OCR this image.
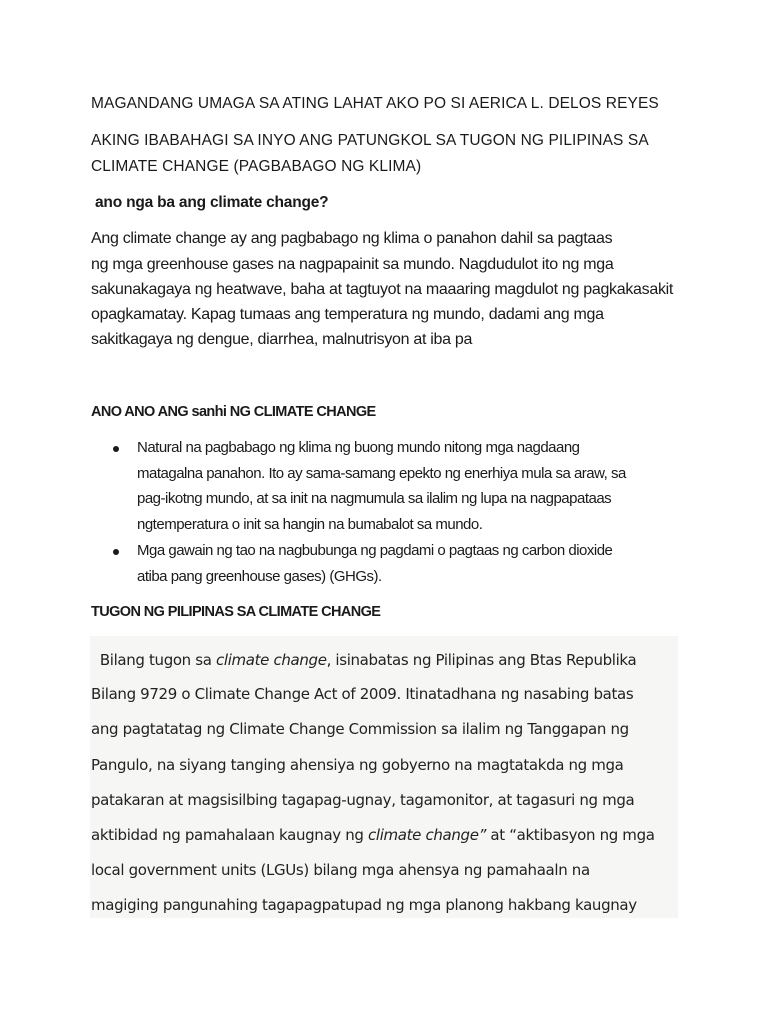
MAGANDANG UMAGA SA ATING LAHAT AKO PO SI AERICA L. DELOS REYES
AKING IBABAHAGI SA INYO ANG PATUNGKOL SA TUGON NG PILIPINAS SA
CLIMATE CHANGE (PAGBABAGO NG KLIMA)
ano nga ba ang climate change?
Ang climate change ay ang pagbabago ng klima o panahon dahil sa pagtaas
ng mga greenhouse gases na nagpapainit sa mundo. Nagdudulot ito ng mga
sakunakagaya ng heatwave, baha at tagtuyot na maaaring magdulot ng pagkakasakit
opagkamatay. Kapag tumaas ang temperatura ng mundo, dadami ang mga
sakitkagaya ng dengue, diarrhea, malnutrisyon at iba pa
ANO ANO ANG sanhi NG CLIMATE CHANGE
Natural na pagbabago ng klima ng buong mundo nitong mga nagdaang
matagalna panahon. Ito ay sama-samang epekto ng enerhiya mula sa araw, sa
pag-ikotng mundo, at sa init na nagmumula sa ilalim ng lupa na nagpapataas
ngtemperatura o init sa hangin na bumabalot sa mundo.
Mga gawain ng tao na nagbubunga ng pagdami o pagtaas ng carbon dioxide
atiba pang greenhouse gases) (GHGs).
TUGON NG PILIPINAS SA CLIMATE CHANGE
Bilang tugon sa climate change, isinabatas ng Pilipinas ang Btas Republika
Bilang 9729 o Climate Change Act of 2009. Itinatadhana ng nasabing batas
ang pagtatatag ng Climate Change Commission sa ilalim ng Tanggapan ng
Pangulo, na siyang tanging ahensiya ng gobyerno na magtatakda ng mga
patakaran at magsisilbing tagapag-ugnay, tagamonitor, at tagasuri ng mga
aktibidad ng pamahalaan kaugnay ng climate change” at “aktibasyon ng mga
local government units (LGUs) bilang mga ahensya ng pamahaaln na
magiging pangunahing tagapagpatupad ng mga planong hakbang kaugnay
